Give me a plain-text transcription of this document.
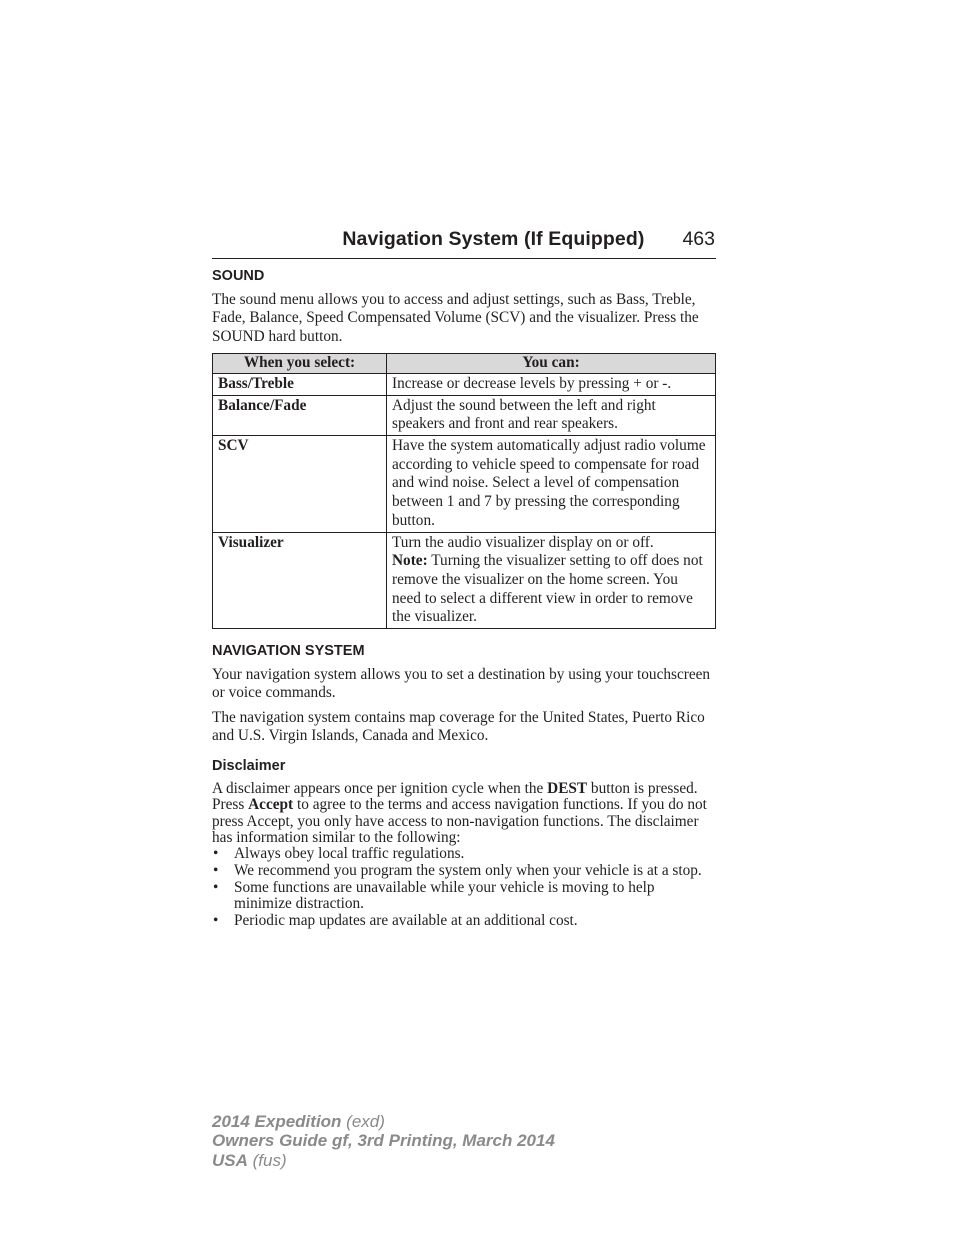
Navigation System (If Equipped) 463
SOUND

The sound menu allows you to access and adjust settings, such as Bass, Treble, Fade, Balance, Speed Compensated Volume (SCV) and the visualizer. Press the SOUND hard button.

When you select:	You can:
Bass/Treble	Increase or decrease levels by pressing + or -.
Balance/Fade	Adjust the sound between the left and right speakers and front and rear speakers.
SCV	Have the system automatically adjust radio volume according to vehicle speed to compensate for road and wind noise. Select a level of compensation between 1 and 7 by pressing the corresponding button.
Visualizer	Turn the audio visualizer display on or off.
Note: Turning the visualizer setting to off does not remove the visualizer on the home screen. You need to select a different view in order to remove the visualizer.
NAVIGATION SYSTEM

Your navigation system allows you to set a destination by using your touchscreen or voice commands.

The navigation system contains map coverage for the United States, Puerto Rico and U.S. Virgin Islands, Canada and Mexico.

Disclaimer

A disclaimer appears once per ignition cycle when the DEST button is pressed. Press Accept to agree to the terms and access navigation functions. If you do not press Accept, you only have access to non-navigation functions. The disclaimer has information similar to the following:

• Always obey local traffic regulations.
• We recommend you program the system only when your vehicle is at a stop.
• Some functions are unavailable while your vehicle is moving to help minimize distraction.
• Periodic map updates are available at an additional cost.
2014 Expedition (exd)
Owners Guide gf, 3rd Printing, March 2014
USA (fus)
